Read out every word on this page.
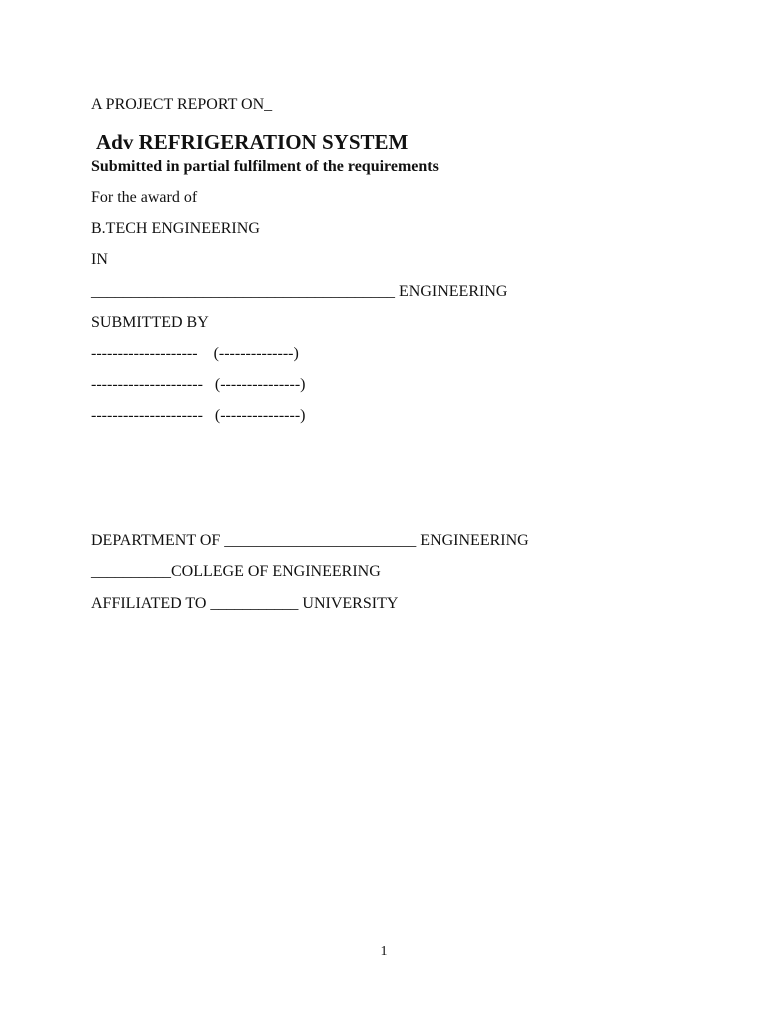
A PROJECT REPORT ON_
Adv REFRIGERATION SYSTEM
Submitted in partial fulfilment of the requirements
For the award of
B.TECH ENGINEERING
IN
______________________________________ ENGINEERING
SUBMITTED BY
--------------------    (--------------)
---------------------   (---------------)
---------------------   (---------------)
DEPARTMENT OF ________________________ ENGINEERING
__________COLLEGE OF ENGINEERING
AFFILIATED TO ___________ UNIVERSITY
1
